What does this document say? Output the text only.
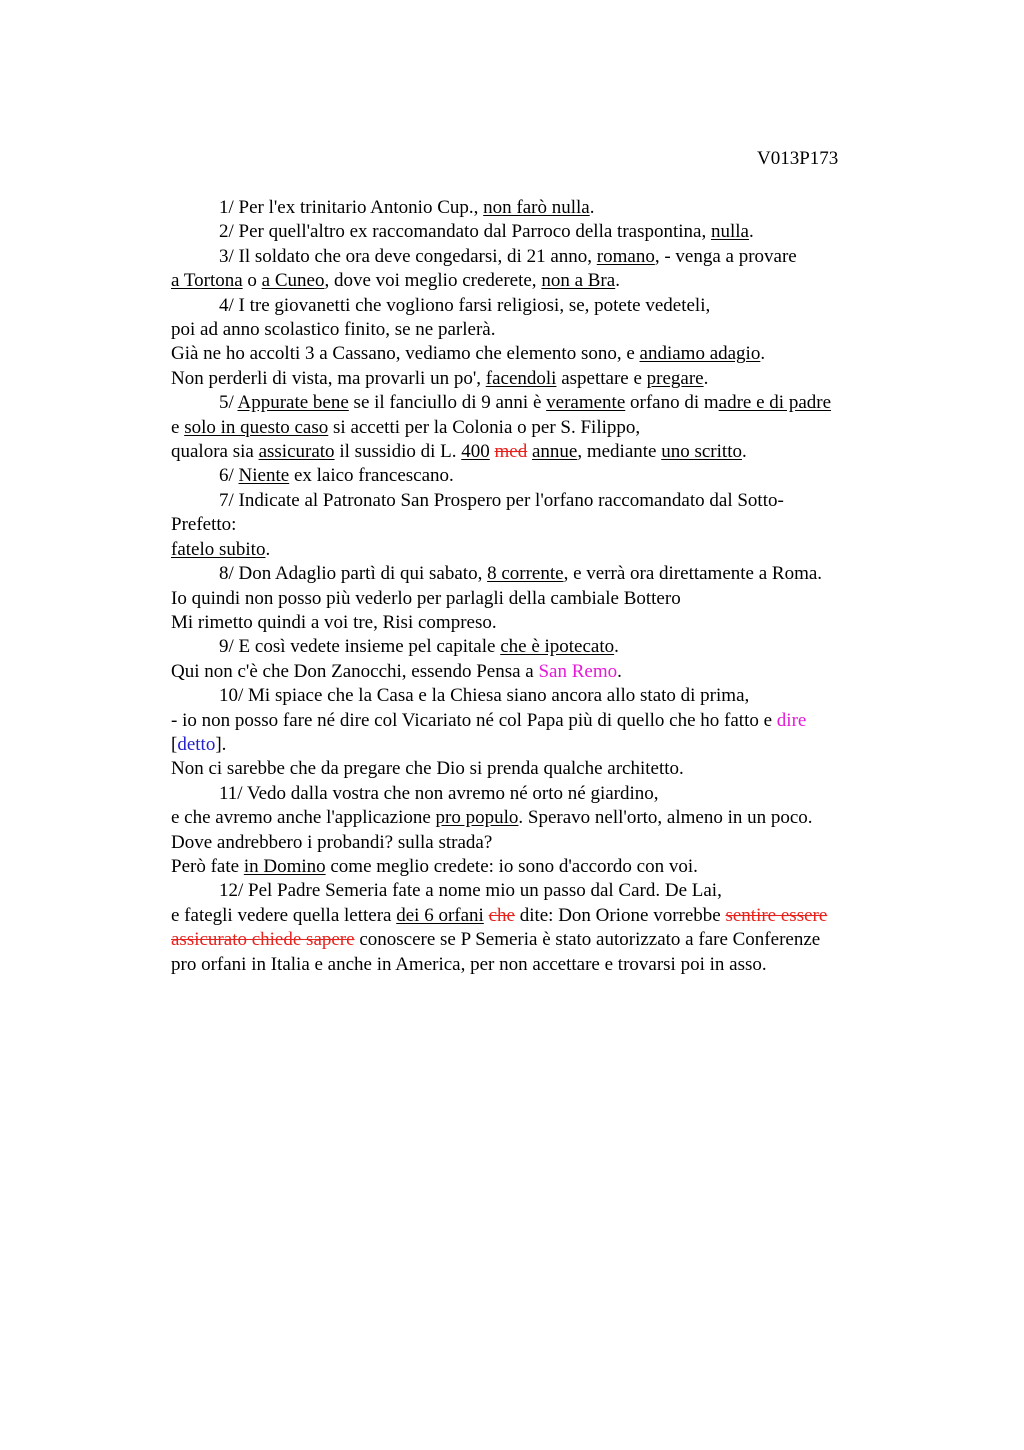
V013P173
1/ Per l'ex trinitario Antonio Cup., non farò nulla.
2/ Per quell'altro ex raccomandato dal Parroco della traspontina, nulla.
3/ Il soldato che ora deve congedarsi, di 21 anno, romano, - venga a provare
a Tortona o a Cuneo, dove voi meglio crederete, non a Bra.
4/ I tre giovanetti che vogliono farsi religiosi, se, potete vedeteli,
poi ad anno scolastico finito, se ne parlerà.
Già ne ho accolti 3 a Cassano, vediamo che elemento sono, e andiamo adagio.
Non perderli di vista, ma provarli un po', facendoli aspettare e pregare.
5/ Appurate bene se il fanciullo di 9 anni è veramente orfano di madre e di padre
e solo in questo caso si accetti per la Colonia o per S. Filippo,
qualora sia assicurato il sussidio di L. 400 med annue, mediante uno scritto.
6/ Niente ex laico francescano.
7/ Indicate al Patronato San Prospero per l'orfano raccomandato dal Sotto-
Prefetto:
fatelo subito.
8/ Don Adaglio partì di qui sabato, 8 corrente, e verrà ora direttamente a Roma.
Io quindi non posso più vederlo per parlagli della cambiale Bottero
Mi rimetto quindi a voi tre, Risi compreso.
9/ E così vedete insieme pel capitale che è ipotecato.
Qui non c'è che Don Zanocchi, essendo Pensa a San Remo.
10/ Mi spiace che la Casa e la Chiesa siano ancora allo stato di prima,
- io non posso fare né dire col Vicariato né col Papa più di quello che ho fatto e dire
[detto].
Non ci sarebbe che da pregare che Dio si prenda qualche architetto.
11/ Vedo dalla vostra che non avremo né orto né giardino,
e che avremo anche l'applicazione pro populo. Speravo nell'orto, almeno in un poco.
Dove andrebbero i probandi? sulla strada?
Però fate in Domino come meglio credete: io sono d'accordo con voi.
12/ Pel Padre Semeria fate a nome mio un passo dal Card. De Lai,
e fategli vedere quella lettera dei 6 orfani che dite: Don Orione vorrebbe sentire essere
assicurato chiede sapere conoscere se P Semeria è stato autorizzato a fare Conferenze
pro orfani in Italia e anche in America, per non accettare e trovarsi poi in asso.
